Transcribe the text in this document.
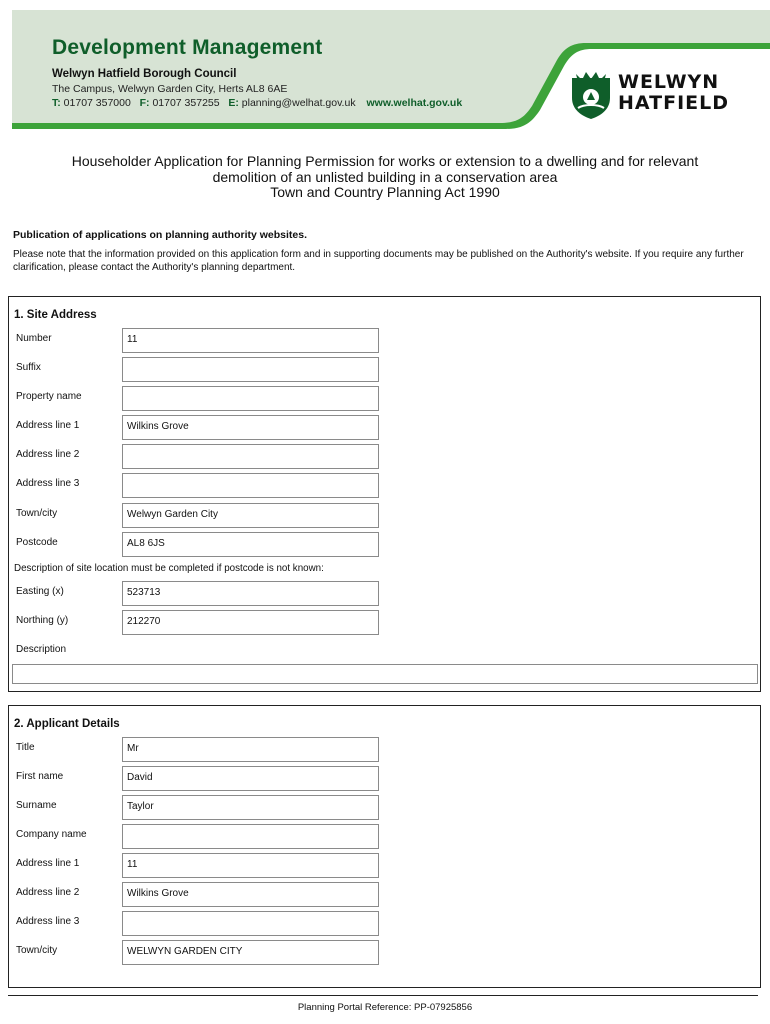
Development Management
Welwyn Hatfield Borough Council
The Campus, Welwyn Garden City, Herts AL8 6AE
T: 01707 357000 F: 01707 357255 E: planning@welhat.gov.uk www.welhat.gov.uk
WELWYN
HATFIELD
Householder Application for Planning Permission for works or extension to a dwelling and for relevant
demolition of an unlisted building in a conservation area
Town and Country Planning Act 1990
Publication of applications on planning authority websites.
Please note that the information provided on this application form and in supporting documents may be published on the Authority's website. If you require any further clarification, please contact the Authority's planning department.
1. Site Address
Number	11
Suffix
Property name
Address line 1	Wilkins Grove
Address line 2
Address line 3
Town/city	Welwyn Garden City
Postcode	AL8 6JS
Description of site location must be completed if postcode is not known:
Easting (x)	523713
Northing (y)	212270
Description
2. Applicant Details
Title	Mr
First name	David
Surname	Taylor
Company name
Address line 1	11
Address line 2	Wilkins Grove
Address line 3
Town/city	WELWYN GARDEN CITY
Planning Portal Reference: PP-07925856
